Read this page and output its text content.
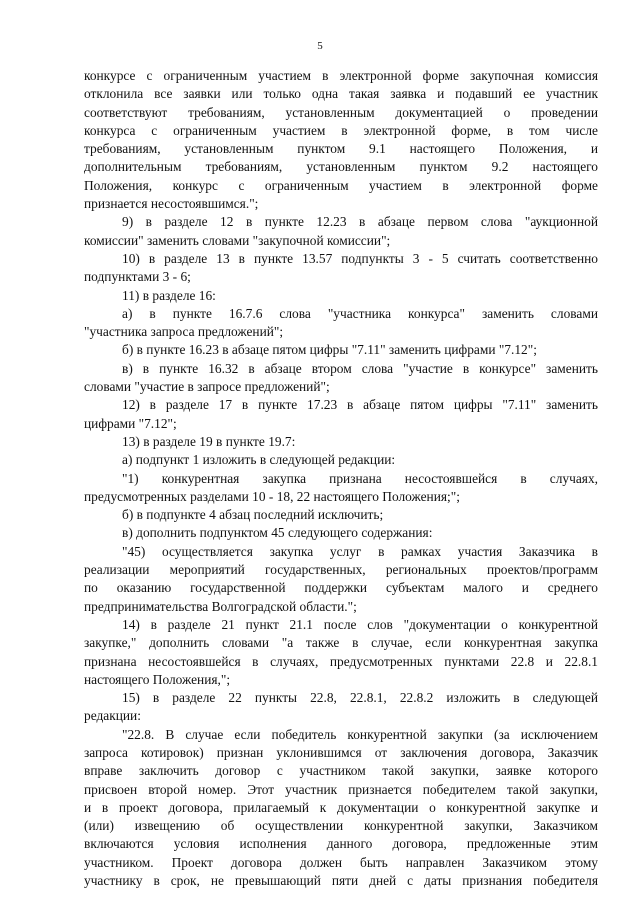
5
конкурсе с ограниченным участием в электронной форме закупочная комиссия
отклонила все заявки или только одна такая заявка и подавший ее участник
соответствуют требованиям, установленным документацией о проведении
конкурса с ограниченным участием в электронной форме, в том числе
требованиям, установленным пунктом 9.1 настоящего Положения, и
дополнительным требованиям, установленным пунктом 9.2 настоящего
Положения, конкурс с ограниченным участием в электронной форме
признается несостоявшимся.";
9) в разделе 12 в пункте 12.23 в абзаце первом слова "аукционной
комиссии" заменить словами "закупочной комиссии";
10) в разделе 13 в пункте 13.57 подпункты 3 - 5 считать соответственно
подпунктами 3 - 6;
11) в разделе 16:
а) в пункте 16.7.6 слова "участника конкурса" заменить словами
"участника запроса предложений";
б) в пункте 16.23 в абзаце пятом цифры "7.11" заменить цифрами "7.12";
в) в пункте 16.32 в абзаце втором слова "участие в конкурсе" заменить
словами "участие в запросе предложений";
12) в разделе 17 в пункте 17.23 в абзаце пятом цифры "7.11" заменить
цифрами "7.12";
13) в разделе 19 в пункте 19.7:
а) подпункт 1 изложить в следующей редакции:
"1) конкурентная закупка признана несостоявшейся в случаях,
предусмотренных разделами 10 - 18, 22 настоящего Положения;";
б) в подпункте 4 абзац последний исключить;
в) дополнить подпунктом 45 следующего содержания:
"45) осуществляется закупка услуг в рамках участия Заказчика в
реализации мероприятий государственных, региональных проектов/программ
по оказанию государственной поддержки субъектам малого и среднего
предпринимательства Волгоградской области.";
14) в разделе 21 пункт 21.1 после слов "документации о конкурентной
закупке," дополнить словами "а также в случае, если конкурентная закупка
признана несостоявшейся в случаях, предусмотренных пунктами 22.8 и 22.8.1
настоящего Положения,";
15) в разделе 22 пункты 22.8, 22.8.1, 22.8.2 изложить в следующей
редакции:
"22.8. В случае если победитель конкурентной закупки (за исключением
запроса котировок) признан уклонившимся от заключения договора, Заказчик
вправе заключить договор с участником такой закупки, заявке которого
присвоен второй номер. Этот участник признается победителем такой закупки,
и в проект договора, прилагаемый к документации о конкурентной закупке и
(или) извещению об осуществлении конкурентной закупки, Заказчиком
включаются условия исполнения данного договора, предложенные этим
участником. Проект договора должен быть направлен Заказчиком этому
участнику в срок, не превышающий пяти дней с даты признания победителя
